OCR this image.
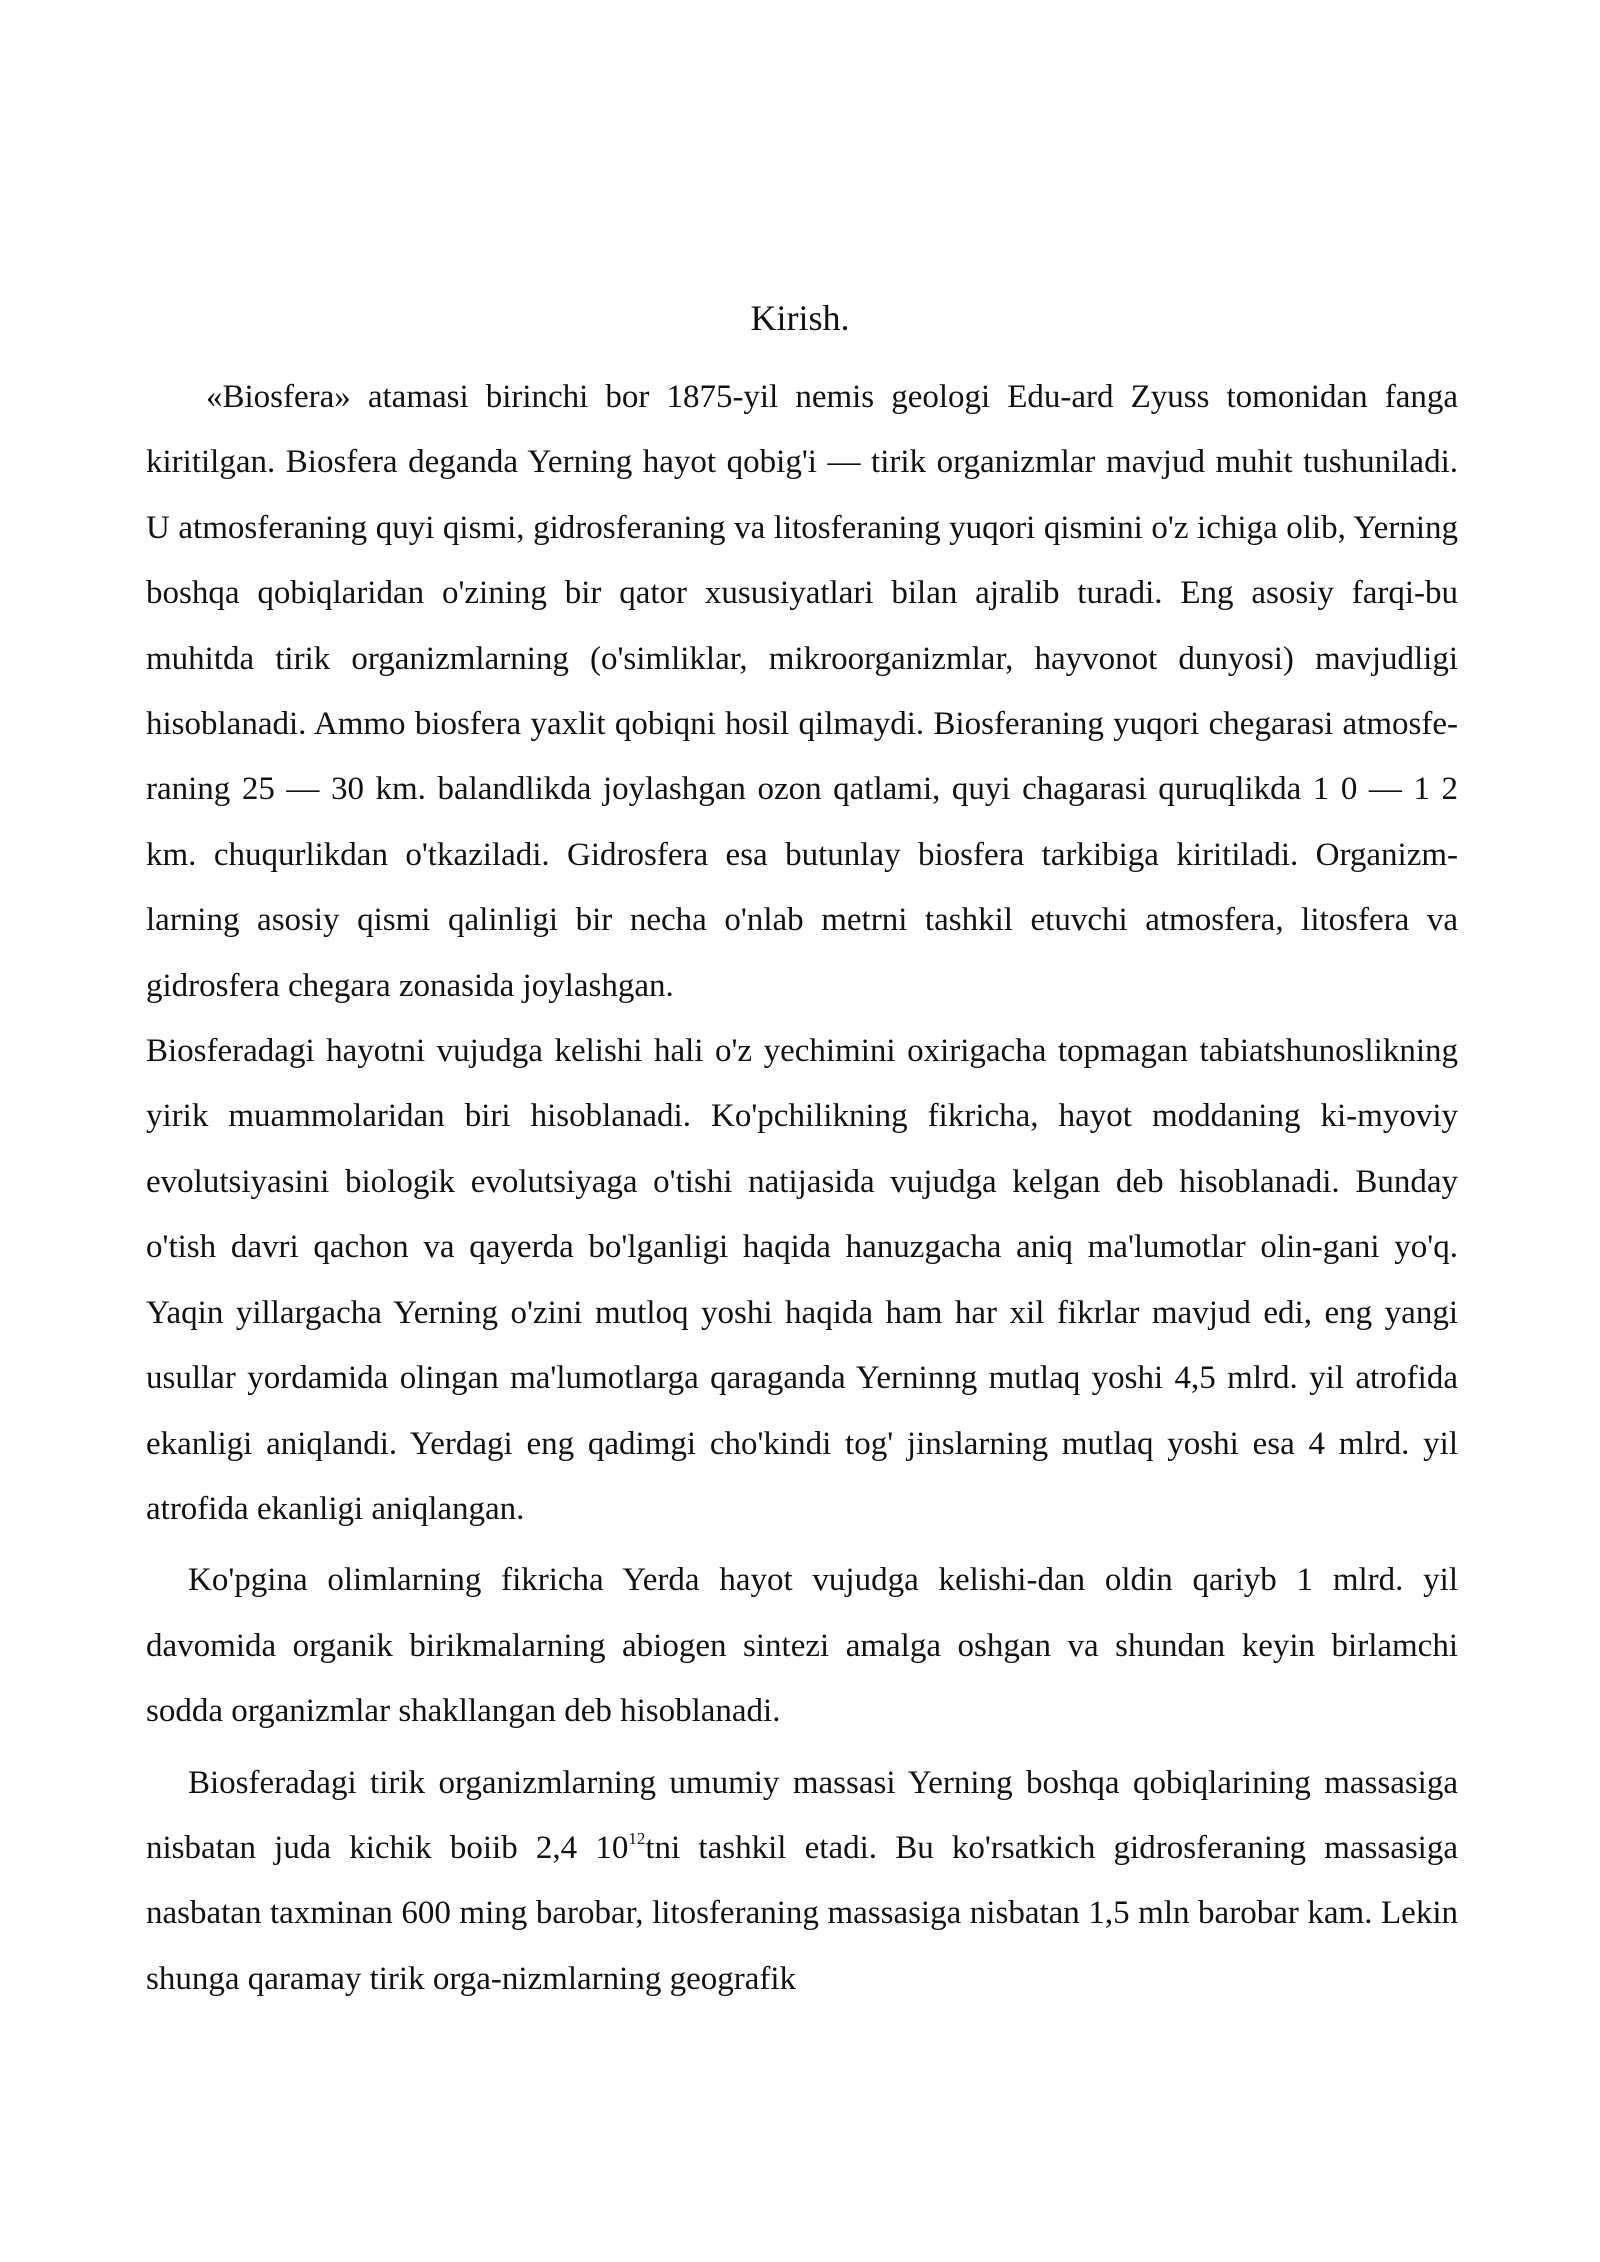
Kirish.

«Biosfera» atamasi birinchi bor 1875-yil nemis geologi Edu-ard Zyuss tomonidan fanga kiritilgan. Biosfera deganda Yerning hayot qobig'i — tirik organizmlar mavjud muhit tushuniladi. U atmosferaning quyi qismi, gidrosferaning va litosferaning yuqori qismini o'z ichiga olib, Yerning boshqa qobiqlaridan o'zining bir qator xususiyatlari bilan ajralib turadi. Eng asosiy farqi-bu muhitda tirik organizmlarning (o'simliklar, mikroorganizmlar, hayvonot dunyosi) mavjudligi hisoblanadi. Ammo biosfera yaxlit qobiqni hosil qilmaydi. Biosferaning yuqori chegarasi atmosfe-raning 25 — 30 km. balandlikda joylashgan ozon qatlami, quyi chagarasi quruqlikda 1 0 — 1 2 km. chuqurlikdan o'tkaziladi. Gidrosfera esa butunlay biosfera tarkibiga kiritiladi. Organizm-larning asosiy qismi qalinligi bir necha o'nlab metrni tashkil etuvchi atmosfera, litosfera va gidrosfera chegara zonasida joylashgan.

Biosferadagi hayotni vujudga kelishi hali o'z yechimini oxirigacha topmagan tabiatshunoslikning yirik muammolaridan biri hisoblanadi. Ko'pchilikning fikricha, hayot moddaning ki-myoviy evolutsiyasini biologik evolutsiyaga o'tishi natijasida vujudga kelgan deb hisoblanadi. Bunday o'tish davri qachon va qayerda bo'lganligi haqida hanuzgacha aniq ma'lumotlar olin-gani yo'q. Yaqin yillargacha Yerning o'zini mutloq yoshi haqida ham har xil fikrlar mavjud edi, eng yangi usullar yordamida olingan ma'lumotlarga qaraganda Yerninng mutlaq yoshi 4,5 mlrd. yil atrofida ekanligi aniqlandi. Yerdagi eng qadimgi cho'kindi tog' jinslarning mutlaq yoshi esa 4 mlrd. yil atrofida ekanligi aniqlangan.

Ko'pgina olimlarning fikricha Yerda hayot vujudga kelishi-dan oldin qariyb 1 mlrd. yil davomida organik birikmalarning abiogen sintezi amalga oshgan va shundan keyin birlamchi sodda organizmlar shakllangan deb hisoblanadi.

Biosferadagi tirik organizmlarning umumiy massasi Yerning boshqa qobiqlarining massasiga nisbatan juda kichik boiib 2,4 $10^{12}tni$ tashkil etadi. Bu ko'rsatkich gidrosferaning massasiga nasbatan taxminan 600 ming barobar, litosferaning massasiga nisbatan 1,5 mln barobar kam. Lekin shunga qaramay tirik orga-nizmlarning geografik
